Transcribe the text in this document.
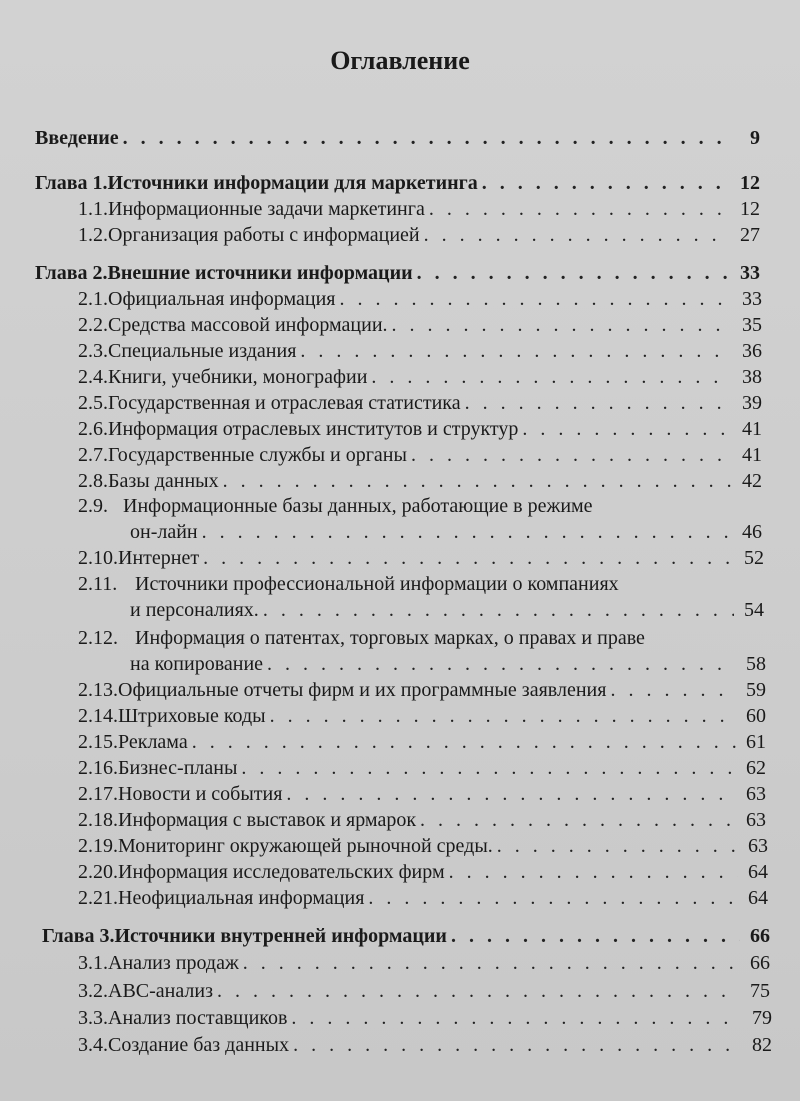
Оглавление
Введение . . .	9
Глава 1. Источники информации для маркетинга . . .	12
1.1. Информационные задачи маркетинга . . .	12
1.2. Организация работы с информацией . . .	27
Глава 2. Внешние источники информации . . .	33
2.1. Официальная информация . . .	33
2.2. Средства массовой информации. . . .	35
2.3. Специальные издания . . .	36
2.4. Книги, учебники, монографии . . .	38
2.5. Государственная и отраслевая статистика . . .	39
2.6. Информация отраслевых институтов и структур . . .	41
2.7. Государственные службы и органы . . .	41
2.8. Базы данных . . .	42
2.9. Информационные базы данных, работающие в режиме
он-лайн . . .	46
2.10. Интернет . . .	52
2.11. Источники профессиональной информации о компаниях
и персоналиях. . . .	54
2.12. Информация о патентах, торговых марках, о правах и праве
на копирование . . .	58
2.13. Официальные отчеты фирм и их программные заявления . . .	59
2.14. Штриховые коды . . .	60
2.15. Реклама . . .	61
2.16. Бизнес-планы . . .	62
2.17. Новости и события . . .	63
2.18. Информация с выставок и ярмарок . . .	63
2.19. Мониторинг окружающей рыночной среды. . . .	63
2.20. Информация исследовательских фирм . . .	64
2.21. Неофициальная информация . . .	64
Глава 3. Источники внутренней информации . . .	66
3.1. Анализ продаж . . .	66
3.2. ABC-анализ . . .	75
3.3. Анализ поставщиков . . .	79
3.4. Создание баз данных . . .	82
